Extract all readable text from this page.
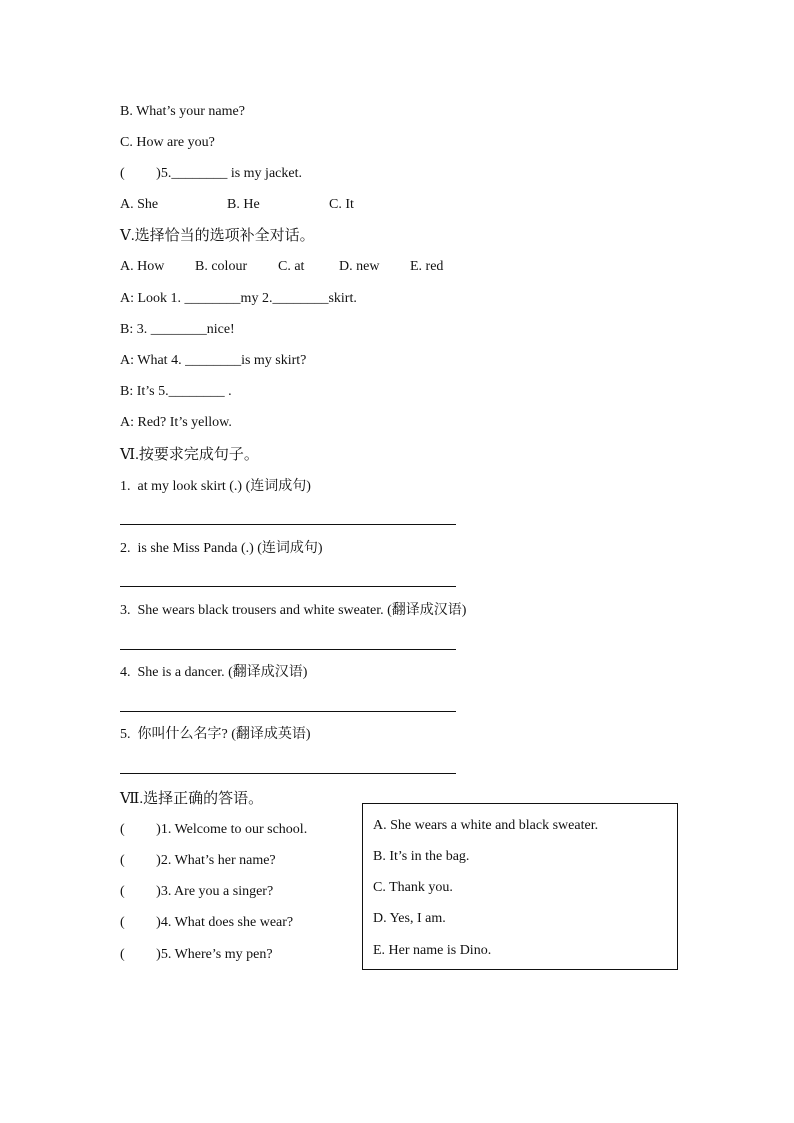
B. What’s your name?
C. How are you?
(         )5.________ is my jacket.
A. She	B. He	C. It
Ⅴ.选择恰当的选项补全对话。
A. How B. colour C. at D. new E. red
A: Look 1. ________my 2.________skirt.
B: 3. ________nice!
A: What 4. ________is my skirt?
B: It’s 5.________ .
A: Red? It’s yellow.
Ⅵ.按要求完成句子。
1.  at my look skirt (.) (连词成句)
2.  is she Miss Panda (.) (连词成句)
3.  She wears black trousers and white sweater. (翻译成汉语)
4.  She is a dancer. (翻译成汉语)
5.  你叫什么名字? (翻译成英语)
Ⅶ.选择正确的答语。
(         )1. Welcome to our school.
(         )2. What’s her name?
(         )3. Are you a singer?
(         )4. What does she wear?
(         )5. Where’s my pen?
A. She wears a white and black sweater.
B. It’s in the bag.
C. Thank you.
D. Yes, I am.
E. Her name is Dino.
